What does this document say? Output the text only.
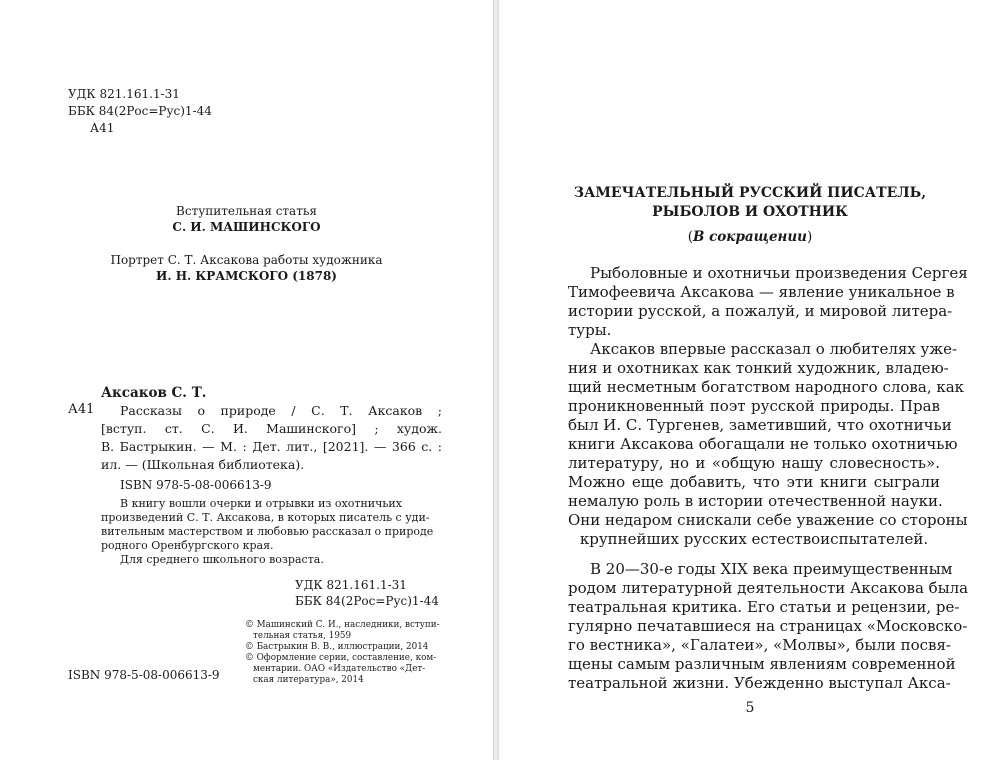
УДК 821.161.1-31
ББК 84(2Рос=Рус)1-44
А41
Вступительная статья
С. И. МАШИНСКОГО
Портрет С. Т. Аксакова работы художника
И. Н. КРАМСКОГО (1878)
Аксаков С. Т.
А41 Рассказы о природе / С. Т. Аксаков ;
[вступ. ст. С. И. Машинского] ; худож.
В. Бастрыкин. — М. : Дет. лит., [2021]. — 366 с. :
ил. — (Школьная библиотека).
ISBN 978-5-08-006613-9
В книгу вошли очерки и отрывки из охотничьих
произведений С. Т. Аксакова, в которых писатель с уди-
вительным мастерством и любовью рассказал о природе
родного Оренбургского края.
Для среднего школьного возраста.
УДК 821.161.1-31
ББК 84(2Рос=Рус)1-44
© Машинский С. И., наследники, вступи-
тельная статья, 1959
© Бастрыкин В. В., иллюстрации, 2014
© Оформление серии, составление, ком-
ментарии. ОАО «Издательство «Дет-
ская литература», 2014
ISBN 978-5-08-006613-9
ЗАМЕЧАТЕЛЬНЫЙ РУССКИЙ ПИСАТЕЛЬ,
РЫБОЛОВ И ОХОТНИК
(В сокращении)
Рыболовные и охотничьи произведения Сергея
Тимофеевича Аксакова — явление уникальное в
истории русской, а пожалуй, и мировой литера-
туры.
Аксаков впервые рассказал о любителях уже-
ния и охотниках как тонкий художник, владею-
щий несметным богатством народного слова, как
проникновенный поэт русской природы. Прав
был И. С. Тургенев, заметивший, что охотничьи
книги Аксакова обогащали не только охотничью
литературу, но и «общую нашу словесность».
Можно еще добавить, что эти книги сыграли
немалую роль в истории отечественной науки.
Они недаром снискали себе уважение со стороны
крупнейших русских естествоиспытателей.
В 20—30-е годы XIX века преимущественным
родом литературной деятельности Аксакова была
театральная критика. Его статьи и рецензии, ре-
гулярно печатавшиеся на страницах «Московско-
го вестника», «Галатеи», «Молвы», были посвя-
щены самым различным явлениям современной
театральной жизни. Убежденно выступал Акса-
5
